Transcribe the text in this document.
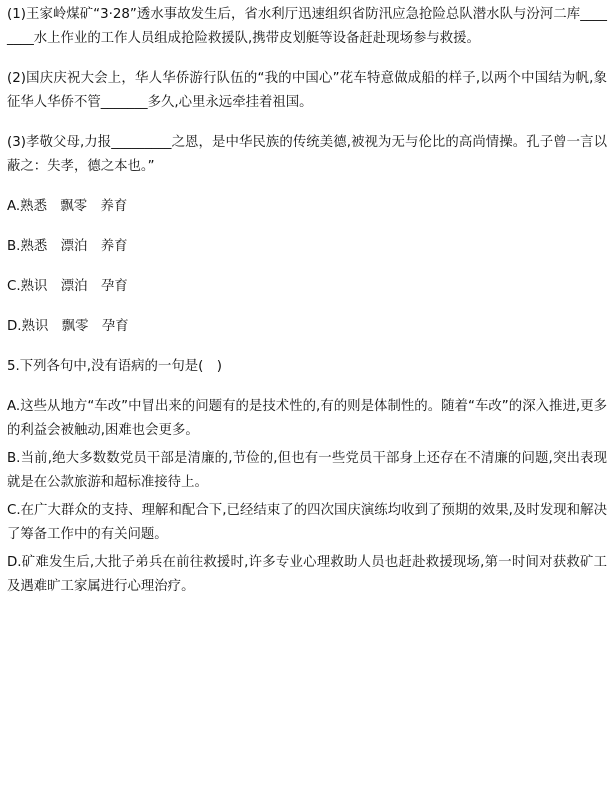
(1)王家岭煤矿“3·28”透水事故发生后，省水利厅迅速组织省防汛应急抢险总队潜水队与汾河二库________水上作业的工作人员组成抢险救援队,携带皮划艇等设备赶赴现场参与救援。

(2)国庆庆祝大会上，华人华侨游行队伍的“我的中国心”花车特意做成船的样子,以两个中国结为帆,象征华人华侨不管_______多久,心里永远牵挂着祖国。

(3)孝敬父母,力报_________之恩，是中华民族的传统美德,被视为无与伦比的高尚情操。孔子曾一言以蔽之：失孝，德之本也。”

A.熟悉　飘零　养育

B.熟悉　漂泊　养育

C.熟识　漂泊　孕育

D.熟识　飘零　孕育

5.下列各句中,没有语病的一句是(　)

A.这些从地方“车改”中冒出来的问题有的是技术性的,有的则是体制性的。随着“车改”的深入推进,更多的利益会被触动,困难也会更多。

B.当前,绝大多数数党员干部是清廉的,节俭的,但也有一些党员干部身上还存在不清廉的问题,突出表现就是在公款旅游和超标准接待上。

C.在广大群众的支持、理解和配合下,已经结束了的四次国庆演练均收到了预期的效果,及时发现和解决了筹备工作中的有关问题。

D.矿难发生后,大批子弟兵在前往救援时,许多专业心理救助人员也赶赴救援现场,第一时间对获救矿工及遇难旷工家属进行心理治疗。
